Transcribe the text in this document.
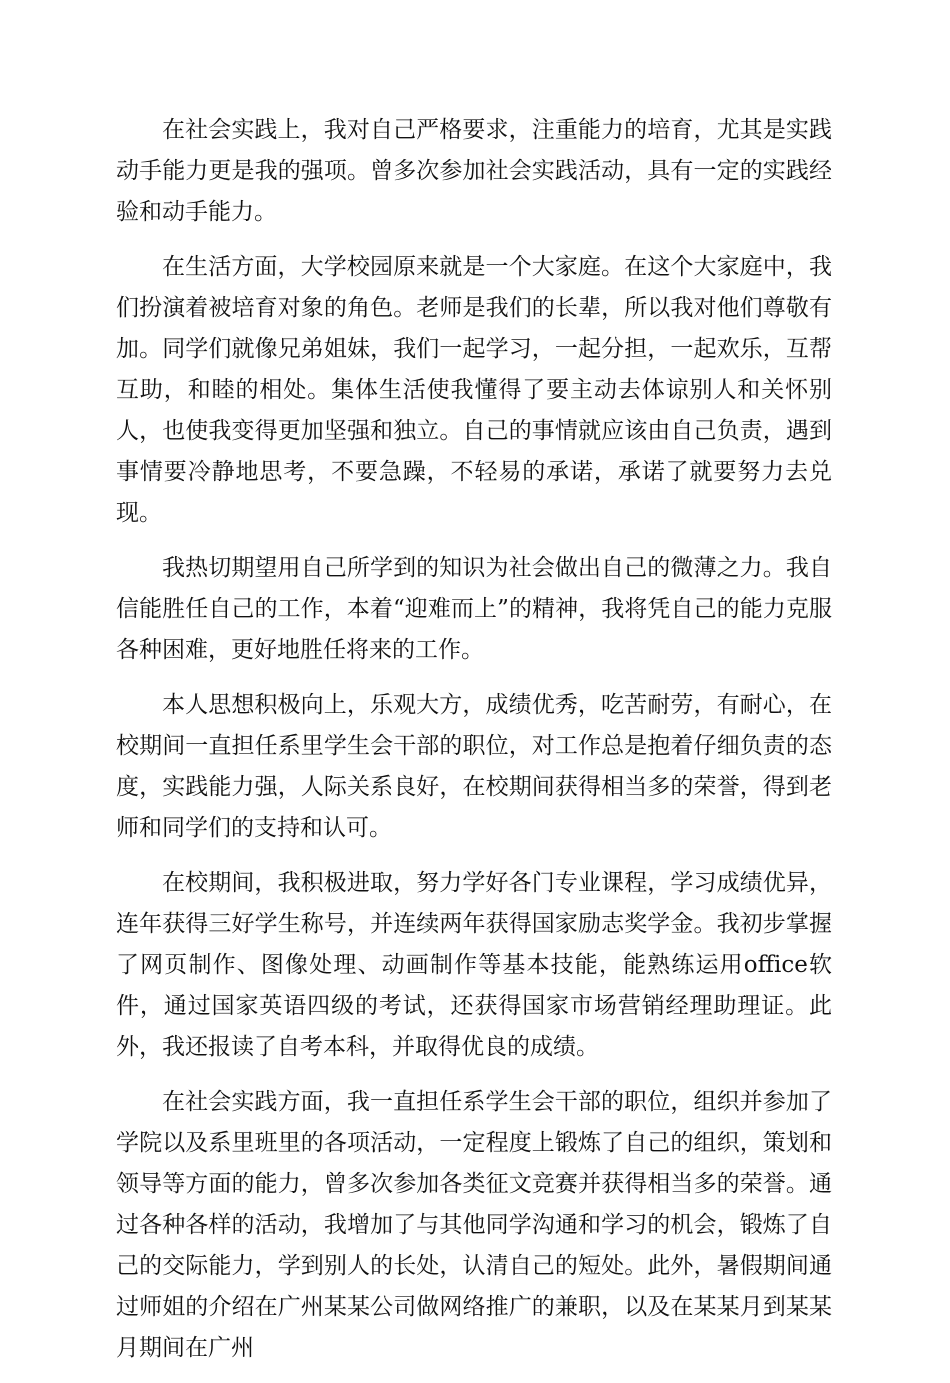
在社会实践上，我对自己严格要求，注重能力的培育，尤其是实践动手能力更是我的强项。曾多次参加社会实践活动，具有一定的实践经验和动手能力。

在生活方面，大学校园原来就是一个大家庭。在这个大家庭中，我们扮演着被培育对象的角色。老师是我们的长辈，所以我对他们尊敬有加。同学们就像兄弟姐妹，我们一起学习，一起分担，一起欢乐，互帮互助，和睦的相处。集体生活使我懂得了要主动去体谅别人和关怀别人，也使我变得更加坚强和独立。自己的事情就应该由自己负责，遇到事情要冷静地思考，不要急躁，不轻易的承诺，承诺了就要努力去兑现。

我热切期望用自己所学到的知识为社会做出自己的微薄之力。我自信能胜任自己的工作，本着“迎难而上”的精神，我将凭自己的能力克服各种困难，更好地胜任将来的工作。

本人思想积极向上，乐观大方，成绩优秀，吃苦耐劳，有耐心，在校期间一直担任系里学生会干部的职位，对工作总是抱着仔细负责的态度，实践能力强，人际关系良好，在校期间获得相当多的荣誉，得到老师和同学们的支持和认可。

在校期间，我积极进取，努力学好各门专业课程，学习成绩优异，连年获得三好学生称号，并连续两年获得国家励志奖学金。我初步掌握了网页制作、图像处理、动画制作等基本技能，能熟练运用office软件，通过国家英语四级的考试，还获得国家市场营销经理助理证。此外，我还报读了自考本科，并取得优良的成绩。

在社会实践方面，我一直担任系学生会干部的职位，组织并参加了学院以及系里班里的各项活动，一定程度上锻炼了自己的组织，策划和领导等方面的能力，曾多次参加各类征文竞赛并获得相当多的荣誉。通过各种各样的活动，我增加了与其他同学沟通和学习的机会，锻炼了自己的交际能力，学到别人的长处，认清自己的短处。此外，暑假期间通过师姐的介绍在广州某某公司做网络推广的兼职，以及在某某月到某某月期间在广州
